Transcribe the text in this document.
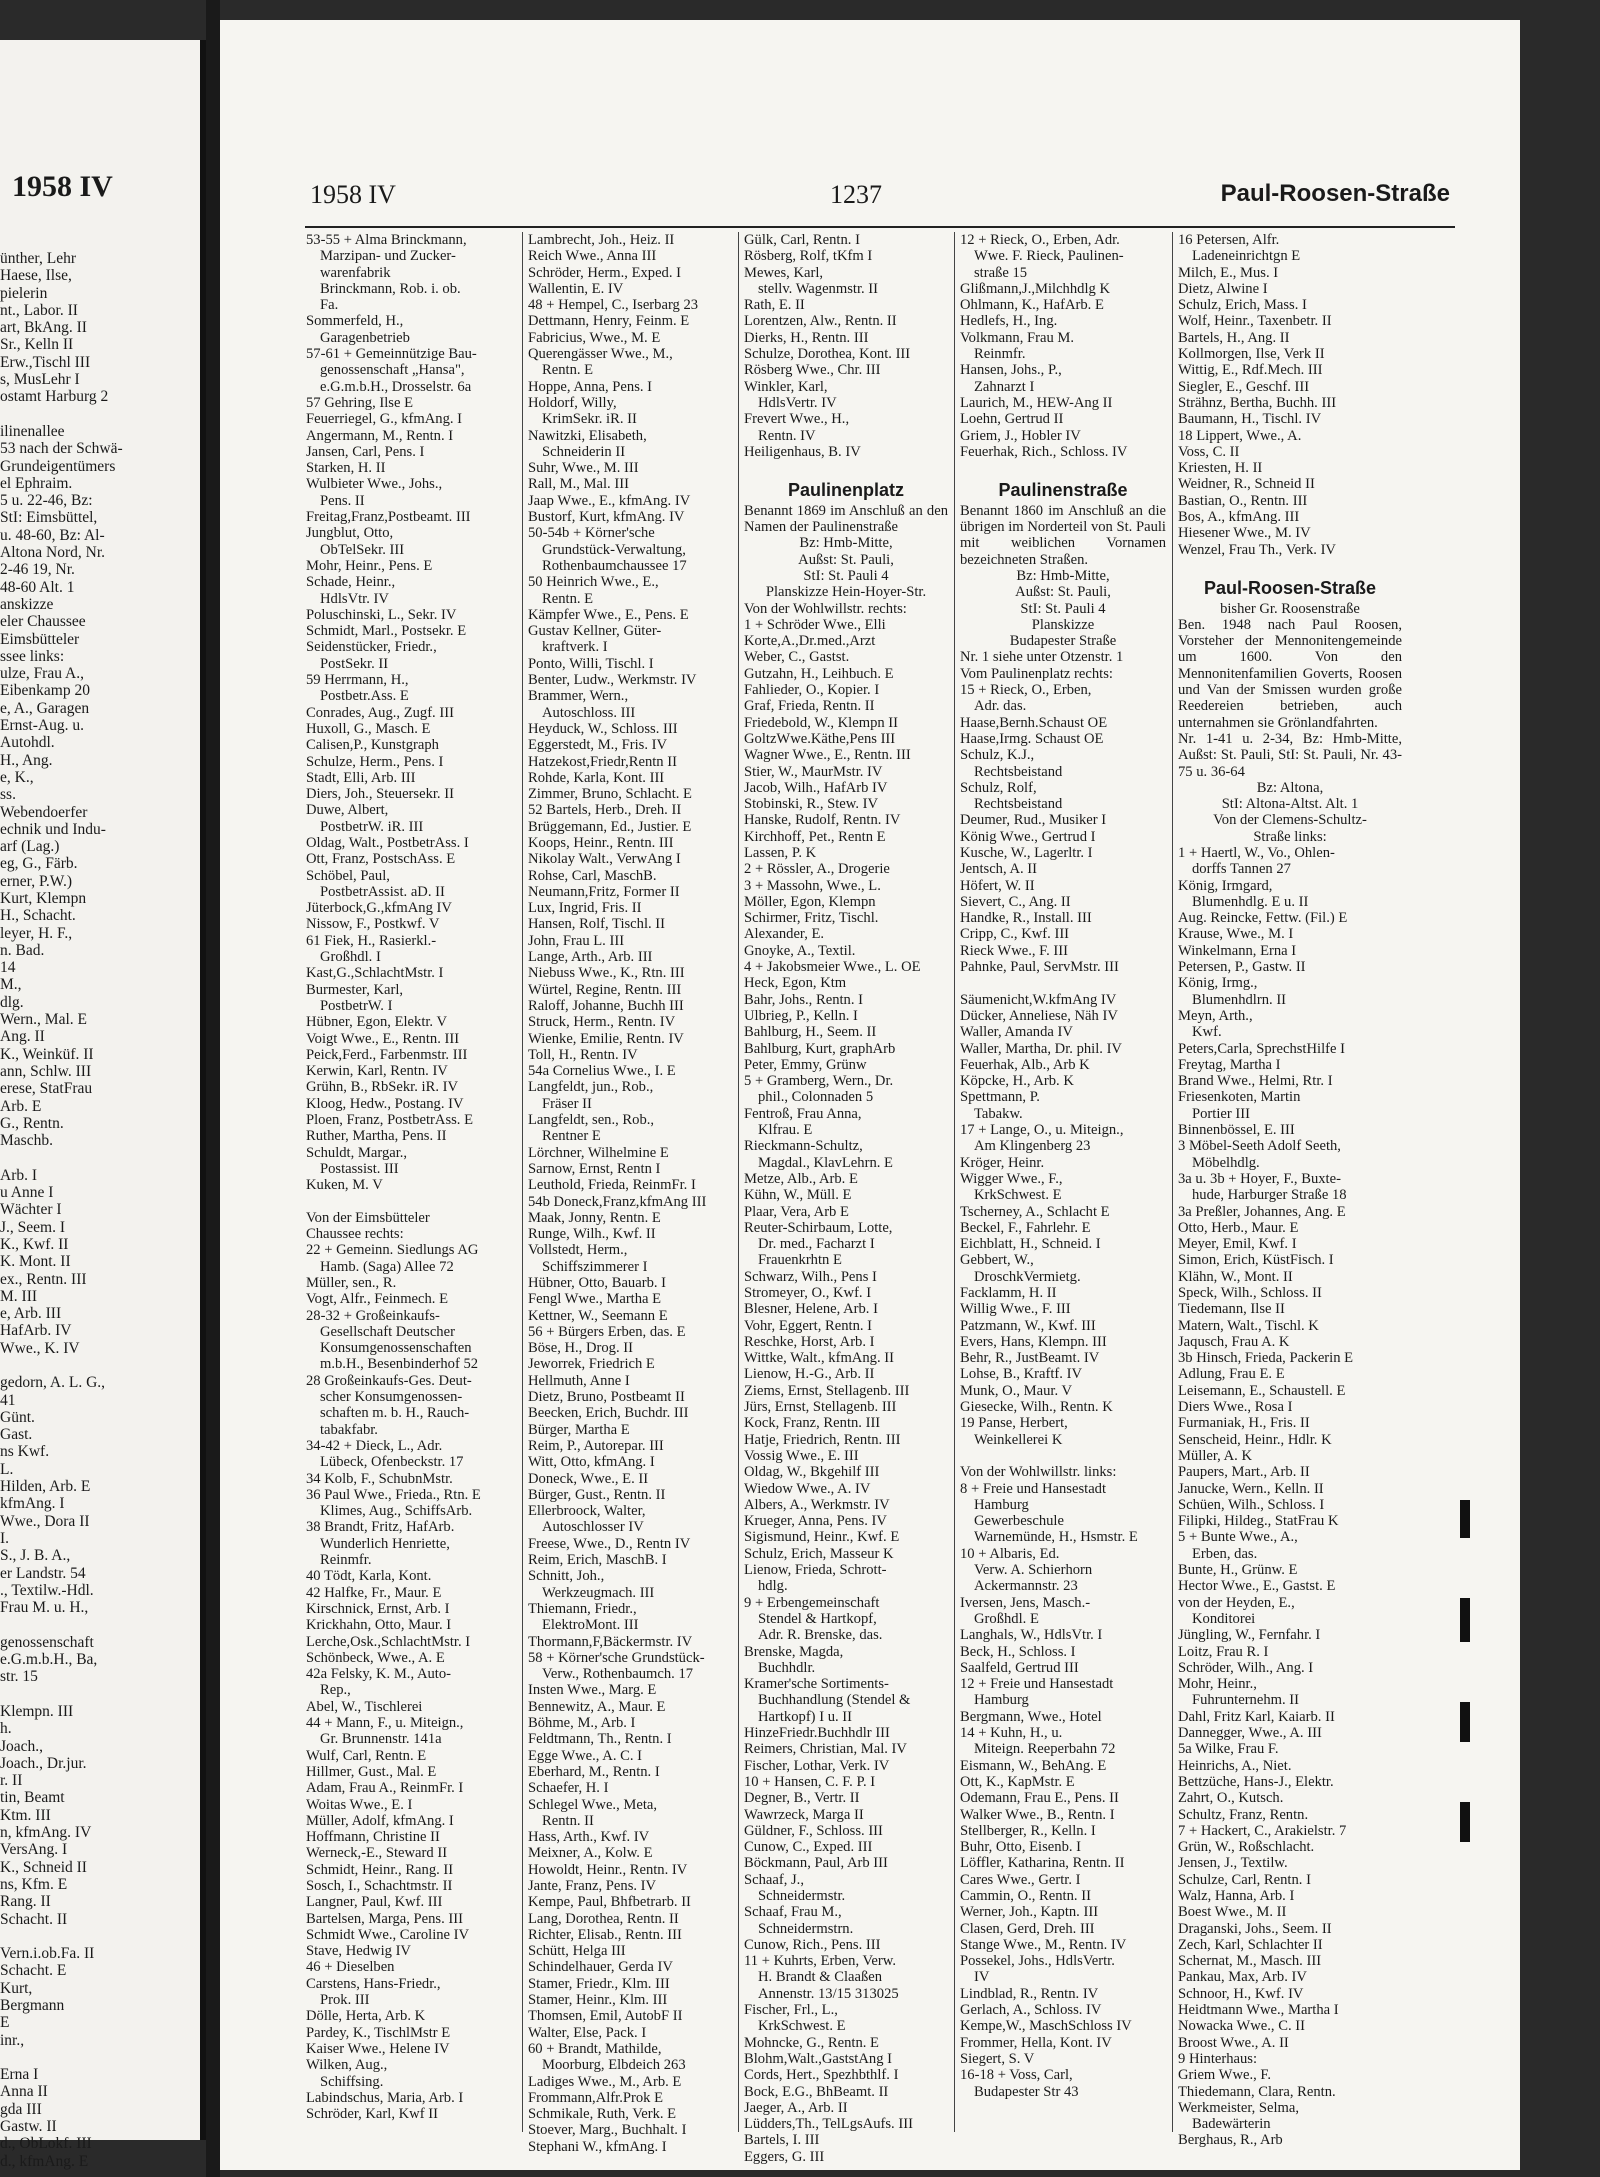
1958 IV
ünther, Lehr
Haese, Ilse,
pielerin
nt., Labor. II
art, BkAng. II
Sr., Kelln II
Erw.,Tischl III
s, MusLehr I
ostamt Harburg 2

ilinenallee
53 nach der Schwä-
Grundeigentümers
el Ephraim.
5 u. 22-46, Bz:
StI: Eimsbüttel,
u. 48-60, Bz: Al-
Altona Nord, Nr.
2-46 19, Nr.
48-60 Alt. 1
anskizze
eler Chaussee
Eimsbütteler
ssee links:
ulze, Frau A.,
Eibenkamp 20
e, A., Garagen
Ernst-Aug. u.
Autohdl.
H., Ang.
e, K.,
ss.
Webendoerfer
echnik und Indu-
arf (Lag.)
eg, G., Färb.
erner, P.W.)
Kurt, Klempn
H., Schacht.
leyer, H. F.,
n. Bad.
14
M.,
dlg.
Wern., Mal. E
Ang. II
K., Weinküf. II
ann, Schlw. III
erese, StatFrau
Arb. E
G., Rentn.
Maschb.

Arb. I
u Anne I
Wächter I
J., Seem. I
K., Kwf. II
K. Mont. II
ex., Rentn. III
M. III
e, Arb. III
HafArb. IV
Wwe., K. IV

gedorn, A. L. G.,
41
Günt.
Gast.
ns Kwf.
L.
Hilden, Arb. E
kfmAng. I
Wwe., Dora II
I.
S., J. B. A.,
er Landstr. 54
., Textilw.-Hdl.
Frau M. u. H.,

genossenschaft
e.G.m.b.H., Ba,
str. 15

Klempn. III
h.
Joach.,
Joach., Dr.jur.
r. II
tin, Beamt
Ktm. III
n, kfmAng. IV
VersAng. I
K., Schneid II
ns, Kfm. E
Rang. II
Schacht. II

Vern.i.ob.Fa. II
Schacht. E
Kurt,
Bergmann
E
inr.,

Erna I
Anna II
gda III
Gastw. II
d., ObLokf. III
d., kfmAng. E
1958 IV	1237	Paul-Roosen-Straße
53-55 + Alma Brinckmann,
Marzipan- und Zucker-
warenfabrik
Brinckmann, Rob. i. ob.
Fa.
Sommerfeld, H.,
Garagenbetrieb
57-61 + Gemeinnützige Bau-
genossenschaft „Hansa",
e.G.m.b.H., Drosselstr. 6a
57 Gehring, Ilse E
Feuerriegel, G., kfmAng. I
Angermann, M., Rentn. I
Jansen, Carl, Pens. I
Starken, H. II
Wulbieter Wwe., Johs.,
Pens. II
Freitag,Franz,Postbeamt. III
Jungblut, Otto,
ObTelSekr. III
Mohr, Heinr., Pens. E
Schade, Heinr.,
HdlsVtr. IV
Poluschinski, L., Sekr. IV
Schmidt, Marl., Postsekr. E
Seidenstücker, Friedr.,
PostSekr. II
59 Herrmann, H.,
Postbetr.Ass. E
Conrades, Aug., Zugf. III
Huxoll, G., Masch. E
Calisen,P., Kunstgraph
Schulze, Herm., Pens. I
Stadt, Elli, Arb. III
Diers, Joh., Steuersekr. II
Duwe, Albert,
PostbetrW. iR. III
Oldag, Walt., PostbetrAss. I
Ott, Franz, PostschAss. E
Schöbel, Paul,
PostbetrAssist. aD. II
Jüterbock,G.,kfmAng IV
Nissow, F., Postkwf. V
61 Fiek, H., Rasierkl.-
Großhdl. I
Kast,G.,SchlachtMstr. I
Burmester, Karl,
PostbetrW. I
Hübner, Egon, Elektr. V
Voigt Wwe., E., Rentn. III
Peick,Ferd., Farbenmstr. III
Kerwin, Karl, Rentn. IV
Grühn, B., RbSekr. iR. IV
Kloog, Hedw., Postang. IV
Ploen, Franz, PostbetrAss. E
Ruther, Martha, Pens. II
Schuldt, Margar.,
Postassist. III
Kuken, M. V

Von der Eimsbütteler
Chaussee rechts:
22 + Gemeinn. Siedlungs AG
Hamb. (Saga) Allee 72
Müller, sen., R.
Vogt, Alfr., Feinmech. E
28-32 + Großeinkaufs-
Gesellschaft Deutscher
Konsumgenossenschaften
m.b.H., Besenbinderhof 52
28 Großeinkaufs-Ges. Deut-
scher Konsumgenossen-
schaften m. b. H., Rauch-
tabakfabr.
34-42 + Dieck, L., Adr.
Lübeck, Ofenbeckstr. 17
34 Kolb, F., SchubnMstr.
36 Paul Wwe., Frieda., Rtn. E
Klimes, Aug., SchiffsArb.
38 Brandt, Fritz, HafArb.
Wunderlich Henriette,
Reinmfr.
40 Tödt, Karla, Kont.
42 Halfke, Fr., Maur. E
Kirschnick, Ernst, Arb. I
Krickhahn, Otto, Maur. I
Lerche,Osk.,SchlachtMstr. I
Schönbeck, Wwe., A. E
42a Felsky, K. M., Auto-
Rep.,
Abel, W., Tischlerei
44 + Mann, F., u. Miteign.,
Gr. Brunnenstr. 141a
Wulf, Carl, Rentn. E
Hillmer, Gust., Mal. E
Adam, Frau A., ReinmFr. I
Woitas Wwe., E. I
Müller, Adolf, kfmAng. I
Hoffmann, Christine II
Werneck,-E., Steward II
Schmidt, Heinr., Rang. II
Sosch, I., Schachtmstr. II
Langner, Paul, Kwf. III
Bartelsen, Marga, Pens. III
Schmidt Wwe., Caroline IV
Stave, Hedwig IV
46 + Dieselben
Carstens, Hans-Friedr.,
Prok. III
Dölle, Herta, Arb. K
Pardey, K., TischlMstr E
Kaiser Wwe., Helene IV
Wilken, Aug.,
Schiffsing.
Labindschus, Maria, Arb. I
Schröder, Karl, Kwf II
Lambrecht, Joh., Heiz. II
Reich Wwe., Anna III
Schröder, Herm., Exped. I
Wallentin, E. IV
48 + Hempel, C., Iserbarg 23
Dettmann, Henry, Feinm. E
Fabricius, Wwe., M. E
Querengässer Wwe., M.,
Rentn. E
Hoppe, Anna, Pens. I
Holdorf, Willy,
KrimSekr. iR. II
Nawitzki, Elisabeth,
Schneiderin II
Suhr, Wwe., M. III
Rall, M., Mal. III
Jaap Wwe., E., kfmAng. IV
Bustorf, Kurt, kfmAng. IV
50-54b + Körner'sche
Grundstück-Verwaltung,
Rothenbaumchaussee 17
50 Heinrich Wwe., E.,
Rentn. E
Kämpfer Wwe., E., Pens. E
Gustav Kellner, Güter-
kraftverk. I
Ponto, Willi, Tischl. I
Benter, Ludw., Werkmstr. IV
Brammer, Wern.,
Autoschloss. III
Heyduck, W., Schloss. III
Eggerstedt, M., Fris. IV
Hatzekost,Friedr,Rentn II
Rohde, Karla, Kont. III
Zimmer, Bruno, Schlacht. E
52 Bartels, Herb., Dreh. II
Brüggemann, Ed., Justier. E
Koops, Heinr., Rentn. III
Nikolay Walt., VerwAng I
Rohse, Carl, MaschB.
Neumann,Fritz, Former II
Lux, Ingrid, Fris. II
Hansen, Rolf, Tischl. II
John, Frau L. III
Lange, Arth., Arb. III
Niebuss Wwe., K., Rtn. III
Würtel, Regine, Rentn. III
Raloff, Johanne, Buchh III
Struck, Herm., Rentn. IV
Wienke, Emilie, Rentn. IV
Toll, H., Rentn. IV
54a Cornelius Wwe., I. E
Langfeldt, jun., Rob.,
Fräser II
Langfeldt, sen., Rob.,
Rentner E
Lörchner, Wilhelmine E
Sarnow, Ernst, Rentn I
Leuthold, Frieda, ReinmFr. I
54b Doneck,Franz,kfmAng III
Maak, Jonny, Rentn. E
Runge, Wilh., Kwf. II
Vollstedt, Herm.,
Schiffszimmerer I
Hübner, Otto, Bauarb. I
Fengl Wwe., Martha E
Kettner, W., Seemann E
56 + Bürgers Erben, das. E
Böse, H., Drog. II
Jeworrek, Friedrich E
Hellmuth, Anne I
Dietz, Bruno, Postbeamt II
Beecken, Erich, Buchdr. III
Bürger, Martha E
Reim, P., Autorepar. III
Witt, Otto, kfmAng. I
Doneck, Wwe., E. II
Bürger, Gust., Rentn. II
Ellerbroock, Walter,
Autoschlosser IV
Freese, Wwe., D., Rentn IV
Reim, Erich, MaschB. I
Schnitt, Joh.,
Werkzeugmach. III
Thiemann, Friedr.,
ElektroMont. III
Thormann,F,Bäckermstr. IV
58 + Körner'sche Grundstück-
Verw., Rothenbaumch. 17
Insten Wwe., Marg. E
Bennewitz, A., Maur. E
Böhme, M., Arb. I
Feldtmann, Th., Rentn. I
Egge Wwe., A. C. I
Eberhard, M., Rentn. I
Schaefer, H. I
Schlegel Wwe., Meta,
Rentn. II
Hass, Arth., Kwf. IV
Meixner, A., Kolw. E
Howoldt, Heinr., Rentn. IV
Jante, Franz, Pens. IV
Kempe, Paul, Bhfbetrarb. II
Lang, Dorothea, Rentn. II
Richter, Elisab., Rentn. III
Schütt, Helga III
Schindelhauer, Gerda IV
Stamer, Friedr., Klm. III
Stamer, Heinr., Klm. III
Thomsen, Emil, AutobF II
Walter, Else, Pack. I
60 + Brandt, Mathilde,
Moorburg, Elbdeich 263
Ladiges Wwe., M., Arb. E
Frommann,Alfr.Prok E
Schmikale, Ruth, Verk. E
Stoever, Marg., Buchhalt. I
Stephani W., kfmAng. I
Gülk, Carl, Rentn. I
Rösberg, Rolf, tKfm I
Mewes, Karl,
stellv. Wagenmstr. II
Rath, E. II
Lorentzen, Alw., Rentn. II
Dierks, H., Rentn. III
Schulze, Dorothea, Kont. III
Rösberg Wwe., Chr. III
Winkler, Karl,
HdlsVertr. IV
Frevert Wwe., H.,
Rentn. IV
Heiligenhaus, B. IV

Paulinenplatz
Benannt 1869 im Anschluß an den Namen der Paulinenstraße
Bz: Hmb-Mitte,
Außst: St. Pauli,
StI: St. Pauli 4
Planskizze Hein-Hoyer-Str.
Von der Wohlwillstr. rechts:
1 + Schröder Wwe., Elli
Korte,A.,Dr.med.,Arzt
Weber, C., Gastst.
Gutzahn, H., Leihbuch. E
Fahlieder, O., Kopier. I
Graf, Frieda, Rentn. II
Friedebold, W., Klempn II
GoltzWwe.Käthe,Pens III
Wagner Wwe., E., Rentn. III
Stier, W., MaurMstr. IV
Jacob, Wilh., HafArb IV
Stobinski, R., Stew. IV
Hanske, Rudolf, Rentn. IV
Kirchhoff, Pet., Rentn E
Lassen, P. K
2 + Rössler, A., Drogerie
3 + Massohn, Wwe., L.
Möller, Egon, Klempn
Schirmer, Fritz, Tischl.
Alexander, E.
Gnoyke, A., Textil.
4 + Jakobsmeier Wwe., L. OE
Heck, Egon, Ktm
Bahr, Johs., Rentn. I
Ulbrieg, P., Kelln. I
Bahlburg, H., Seem. II
Bahlburg, Kurt, graphArb
Peter, Emmy, Grünw
5 + Gramberg, Wern., Dr.
phil., Colonnaden 5
Fentroß, Frau Anna,
Klfrau. E
Rieckmann-Schultz,
Magdal., KlavLehrn. E
Metze, Alb., Arb. E
Kühn, W., Müll. E
Plaar, Vera, Arb E
Reuter-Schirbaum, Lotte,
Dr. med., Facharzt I
Frauenkrhtn E
Schwarz, Wilh., Pens I
Stromeyer, O., Kwf. I
Blesner, Helene, Arb. I
Vohr, Eggert, Rentn. I
Reschke, Horst, Arb. I
Wittke, Walt., kfmAng. II
Lienow, H.-G., Arb. II
Ziems, Ernst, Stellagenb. III
Jürs, Ernst, Stellagenb. III
Kock, Franz, Rentn. III
Hatje, Friedrich, Rentn. III
Vossig Wwe., E. III
Oldag, W., Bkgehilf III
Wiedow Wwe., A. IV
Albers, A., Werkmstr. IV
Krueger, Anna, Pens. IV
Sigismund, Heinr., Kwf. E
Schulz, Erich, Masseur K
Lienow, Frieda, Schrott-
hdlg.
9 + Erbengemeinschaft
Stendel & Hartkopf,
Adr. R. Brenske, das.
Brenske, Magda,
Buchhdlr.
Kramer'sche Sortiments-
Buchhandlung (Stendel &
Hartkopf) I u. II
HinzeFriedr.Buchhdlr III
Reimers, Christian, Mal. IV
Fischer, Lothar, Verk. IV
10 + Hansen, C. F. P. I
Degner, B., Vertr. II
Wawrzeck, Marga II
Güldner, F., Schloss. III
Cunow, C., Exped. III
Böckmann, Paul, Arb III
Schaaf, J.,
Schneidermstr.
Schaaf, Frau M.,
Schneidermstrn.
Cunow, Rich., Pens. III
11 + Kuhrts, Erben, Verw.
H. Brandt & Claaßen
Annenstr. 13/15 313025
Fischer, Frl., L.,
KrkSchwest. E
Mohncke, G., Rentn. E
Blohm,Walt.,GaststAng I
Cords, Hert., Spezhbthlf. I
Bock, E.G., BhBeamt. II
Jaeger, A., Arb. II
Lüdders,Th., TelLgsAufs. III
Bartels, I. III
Eggers, G. III
12 + Rieck, O., Erben, Adr.
Wwe. F. Rieck, Paulinen-
straße 15
Glißmann,J.,Milchhdlg K
Ohlmann, K., HafArb. E
Hedlefs, H., Ing.
Volkmann, Frau M.
Reinmfr.
Hansen, Johs., P.,
Zahnarzt I
Laurich, M., HEW-Ang II
Loehn, Gertrud II
Griem, J., Hobler IV
Feuerhak, Rich., Schloss. IV

Paulinenstraße
Benannt 1860 im Anschluß an die übrigen im Norderteil von St. Pauli mit weiblichen Vornamen bezeichneten Straßen.
Bz: Hmb-Mitte,
Außst: St. Pauli,
StI: St. Pauli 4
Planskizze
Budapester Straße
Nr. 1 siehe unter Otzenstr. 1
Vom Paulinenplatz rechts:
15 + Rieck, O., Erben,
Adr. das.
Haase,Bernh.Schaust OE
Haase,Irmg. Schaust OE
Schulz, K.J.,
Rechtsbeistand
Schulz, Rolf,
Rechtsbeistand
Deumer, Rud., Musiker I
König Wwe., Gertrud I
Kusche, W., Lagerltr. I
Jentsch, A. II
Höfert, W. II
Sievert, C., Ang. II
Handke, R., Install. III
Cripp, C., Kwf. III
Rieck Wwe., F. III
Pahnke, Paul, ServMstr. III

Säumenicht,W.kfmAng IV
Dücker, Anneliese, Näh IV
Waller, Amanda IV
Waller, Martha, Dr. phil. IV
Feuerhak, Alb., Arb K
Köpcke, H., Arb. K
Spettmann, P.
Tabakw.
17 + Lange, O., u. Miteign.,
Am Klingenberg 23
Kröger, Heinr.
Wigger Wwe., F.,
KrkSchwest. E
Tscherney, A., Schlacht E
Beckel, F., Fahrlehr. E
Eichblatt, H., Schneid. I
Gebbert, W.,
DroschkVermietg.
Facklamm, H. II
Willig Wwe., F. III
Patzmann, W., Kwf. III
Evers, Hans, Klempn. III
Behr, R., JustBeamt. IV
Lohse, B., Kraftf. IV
Munk, O., Maur. V
Giesecke, Wilh., Rentn. K
19 Panse, Herbert,
Weinkellerei K

Von der Wohlwillstr. links:
8 + Freie und Hansestadt
Hamburg
Gewerbeschule
Warnemünde, H., Hsmstr. E
10 + Albaris, Ed.
Verw. A. Schierhorn
Ackermannstr. 23
Iversen, Jens, Masch.-
Großhdl. E
Langhals, W., HdlsVtr. I
Beck, H., Schloss. I
Saalfeld, Gertrud III
12 + Freie und Hansestadt
Hamburg
Bergmann, Wwe., Hotel
14 + Kuhn, H., u.
Miteign. Reeperbahn 72
Eismann, W., BehAng. E
Ott, K., KapMstr. E
Odemann, Frau E., Pens. II
Walker Wwe., B., Rentn. I
Stellberger, R., Kelln. I
Buhr, Otto, Eisenb. I
Löffler, Katharina, Rentn. II
Cares Wwe., Gertr. I
Cammin, O., Rentn. II
Werner, Joh., Kaptn. III
Clasen, Gerd, Dreh. III
Stange Wwe., M., Rentn. IV
Possekel, Johs., HdlsVertr.
IV
Lindblad, R., Rentn. IV
Gerlach, A., Schloss. IV
Kempe,W., MaschSchloss IV
Frommer, Hella, Kont. IV
Siegert, S. V
16-18 + Voss, Carl,
Budapester Str 43
16 Petersen, Alfr.
Ladeneinrichtgn E
Milch, E., Mus. I
Dietz, Alwine I
Schulz, Erich, Mass. I
Wolf, Heinr., Taxenbetr. II
Bartels, H., Ang. II
Kollmorgen, Ilse, Verk II
Wittig, E., Rdf.Mech. III
Siegler, E., Geschf. III
Strähnz, Bertha, Buchh. III
Baumann, H., Tischl. IV
18 Lippert, Wwe., A.
Voss, C. II
Kriesten, H. II
Weidner, R., Schneid II
Bastian, O., Rentn. III
Bos, A., kfmAng. III
Hiesener Wwe., M. IV
Wenzel, Frau Th., Verk. IV

Paul-Roosen-Straße
bisher Gr. Roosenstraße
Ben. 1948 nach Paul Roosen, Vorsteher der Mennonitengemeinde um 1600. Von den Mennonitenfamilien Goverts, Roosen und Van der Smissen wurden große Reedereien betrieben, auch unternahmen sie Grönlandfahrten.
Nr. 1-41 u. 2-34, Bz: Hmb-Mitte, Außst: St. Pauli, StI: St. Pauli, Nr. 43-75 u. 36-64
Bz: Altona,
StI: Altona-Altst. Alt. 1
Von der Clemens-Schultz-
Straße links:
1 + Haertl, W., Vo., Ohlen-
dorffs Tannen 27
König, Irmgard,
Blumenhdlg. E u. II
Aug. Reincke, Fettw. (Fil.) E
Krause, Wwe., M. I
Winkelmann, Erna I
Petersen, P., Gastw. II
König, Irmg.,
Blumenhdlrn. II
Meyn, Arth.,
Kwf.
Peters,Carla, SprechstHilfe I
Freytag, Martha I
Brand Wwe., Helmi, Rtr. I
Friesenkoten, Martin
Portier III
Binnenbössel, E. III
3 Möbel-Seeth Adolf Seeth,
Möbelhdlg.
3a u. 3b + Hoyer, F., Buxte-
hude, Harburger Straße 18
3a Preßler, Johannes, Ang. E
Otto, Herb., Maur. E
Meyer, Emil, Kwf. I
Simon, Erich, KüstFisch. I
Klähn, W., Mont. II
Speck, Wilh., Schloss. II
Tiedemann, Ilse II
Matern, Walt., Tischl. K
Jaqusch, Frau A. K
3b Hinsch, Frieda, Packerin E
Adlung, Frau E. E
Leisemann, E., Schaustell. E
Diers Wwe., Rosa I
Furmaniak, H., Fris. II
Senscheid, Heinr., Hdlr. K
Müller, A. K
Paupers, Mart., Arb. II
Janucke, Wern., Kelln. II
Schüen, Wilh., Schloss. I
Filipki, Hildeg., StatFrau K
5 + Bunte Wwe., A.,
Erben, das.
Bunte, H., Grünw. E
Hector Wwe., E., Gastst. E
von der Heyden, E.,
Konditorei
Jüngling, W., Fernfahr. I
Loitz, Frau R. I
Schröder, Wilh., Ang. I
Mohr, Heinr.,
Fuhrunternehm. II
Dahl, Fritz Karl, Kaiarb. II
Dannegger, Wwe., A. III
5a Wilke, Frau F.
Heinrichs, A., Niet.
Bettzüche, Hans-J., Elektr.
Zahrt, O., Kutsch.
Schultz, Franz, Rentn.
7 + Hackert, C., Arakielstr. 7
Grün, W., Roßschlacht.
Jensen, J., Textilw.
Schulze, Carl, Rentn. I
Walz, Hanna, Arb. I
Boest Wwe., M. II
Draganski, Johs., Seem. II
Zech, Karl, Schlachter II
Schernat, M., Masch. III
Pankau, Max, Arb. IV
Schnoor, H., Kwf. IV
Heidtmann Wwe., Martha I
Nowacka Wwe., C. II
Broost Wwe., A. II
9 Hinterhaus:
Griem Wwe., F.
Thiedemann, Clara, Rentn.
Werkmeister, Selma,
Badewärterin
Berghaus, R., Arb
